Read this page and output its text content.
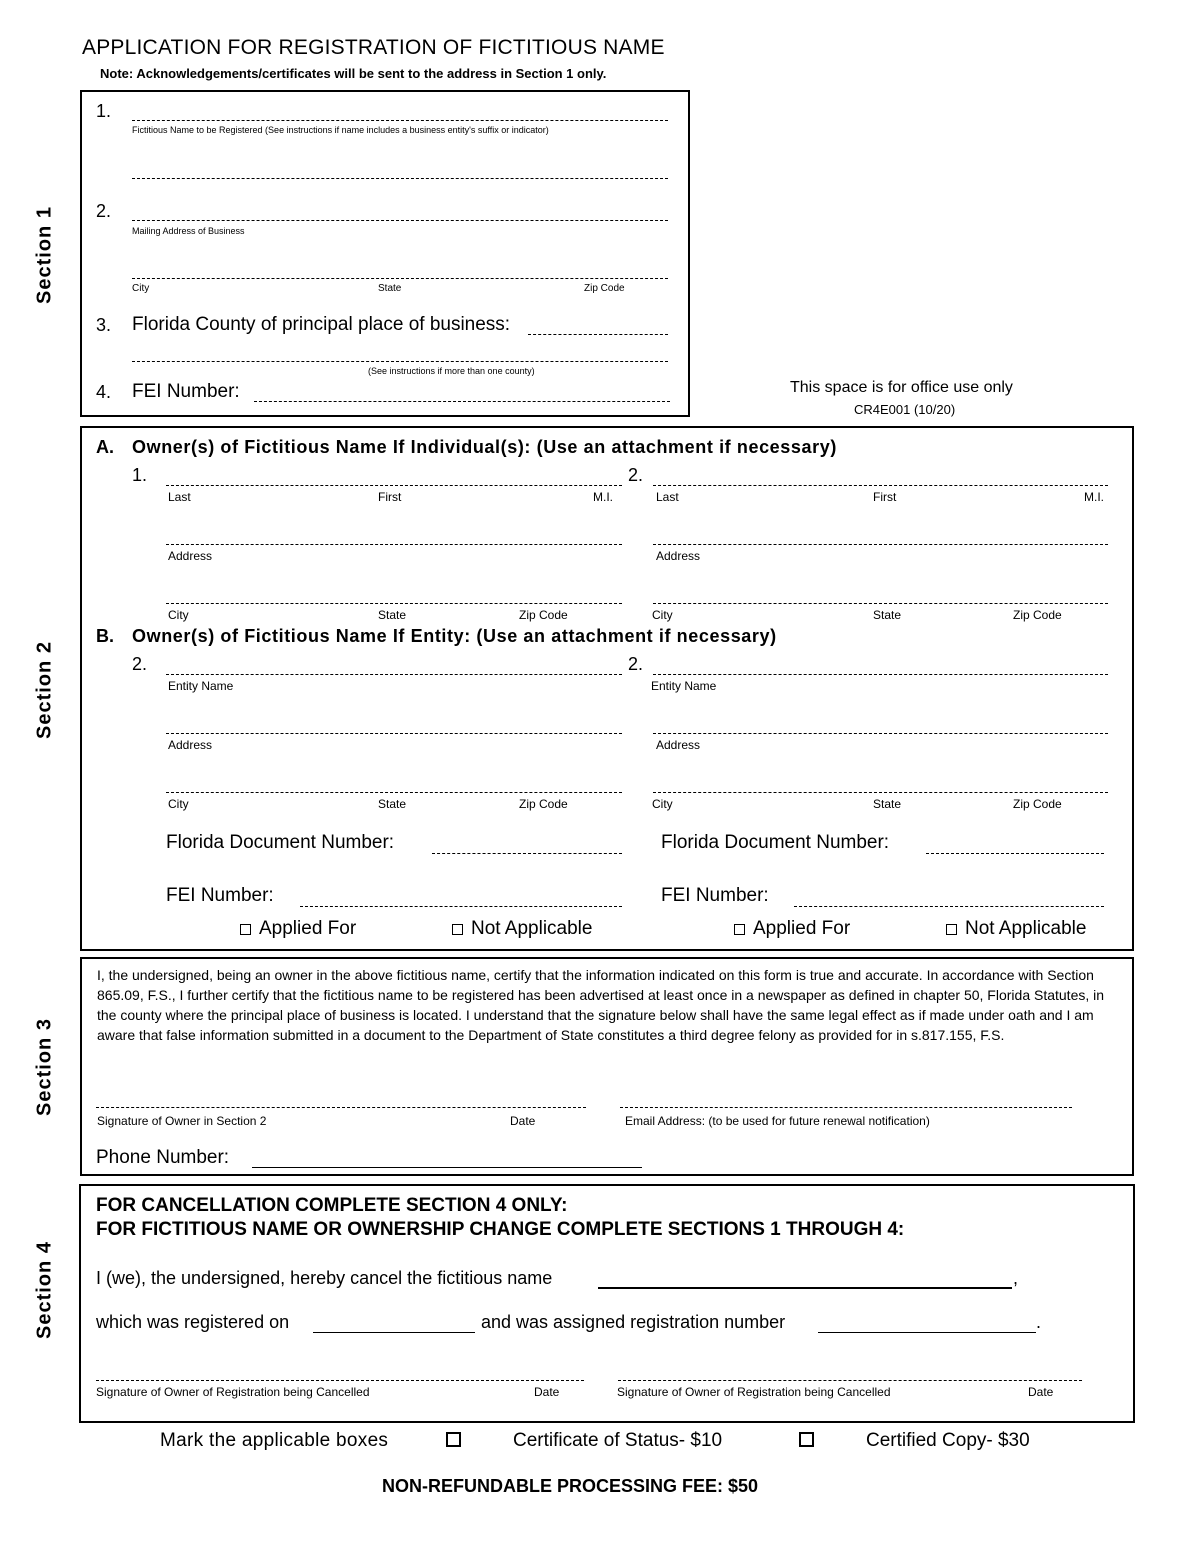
APPLICATION FOR REGISTRATION OF FICTITIOUS NAME
Note: Acknowledgements/certificates will be sent to the address in Section 1 only.
Section 1
Section 2
Section 3
Section 4
1.
Fictitious Name to be Registered (See instructions if name includes a business entity's suffix or indicator)
2.
Mailing Address of Business
City	State	Zip Code
3. Florida County of principal place of business:
(See instructions if more than one county)
4. FEI Number:	This space is for office use only
CR4E001 (10/20)
A. Owner(s) of Fictitious Name If Individual(s): (Use an attachment if necessary)
1.	2.
Last	First	M.I.	Last	First	M.I.
Address	Address
City	State	Zip Code	City	State	Zip Code
B. Owner(s) of Fictitious Name If Entity: (Use an attachment if necessary)
2.	2.
Entity Name	Entity Name
Address	Address
City	State	Zip Code	City	State	Zip Code
Florida Document Number:	Florida Document Number:
FEI Number:	FEI Number:
Applied For	Not Applicable	Applied For	Not Applicable
I, the undersigned, being an owner in the above fictitious name, certify that the information indicated on this form is true and accurate. In accordance with Section 865.09, F.S., I further certify that the fictitious name to be registered has been advertised at least once in a newspaper as defined in chapter 50, Florida Statutes, in the county where the principal place of business is located. I understand that the signature below shall have the same legal effect as if made under oath and I am aware that false information submitted in a document to the Department of State constitutes a third degree felony as provided for in s.817.155, F.S.
Signature of Owner in Section 2	Date	Email Address: (to be used for future renewal notification)
Phone Number:
FOR CANCELLATION COMPLETE SECTION 4 ONLY:
FOR FICTITIOUS NAME OR OWNERSHIP CHANGE COMPLETE SECTIONS 1 THROUGH 4:
I (we), the undersigned, hereby cancel the fictitious name	,
which was registered on	and was assigned registration number	.
Signature of Owner of Registration being Cancelled	Date	Signature of Owner of Registration being Cancelled	Date
Mark the applicable boxes	Certificate of Status- $10	Certified Copy- $30
NON-REFUNDABLE PROCESSING FEE: $50
